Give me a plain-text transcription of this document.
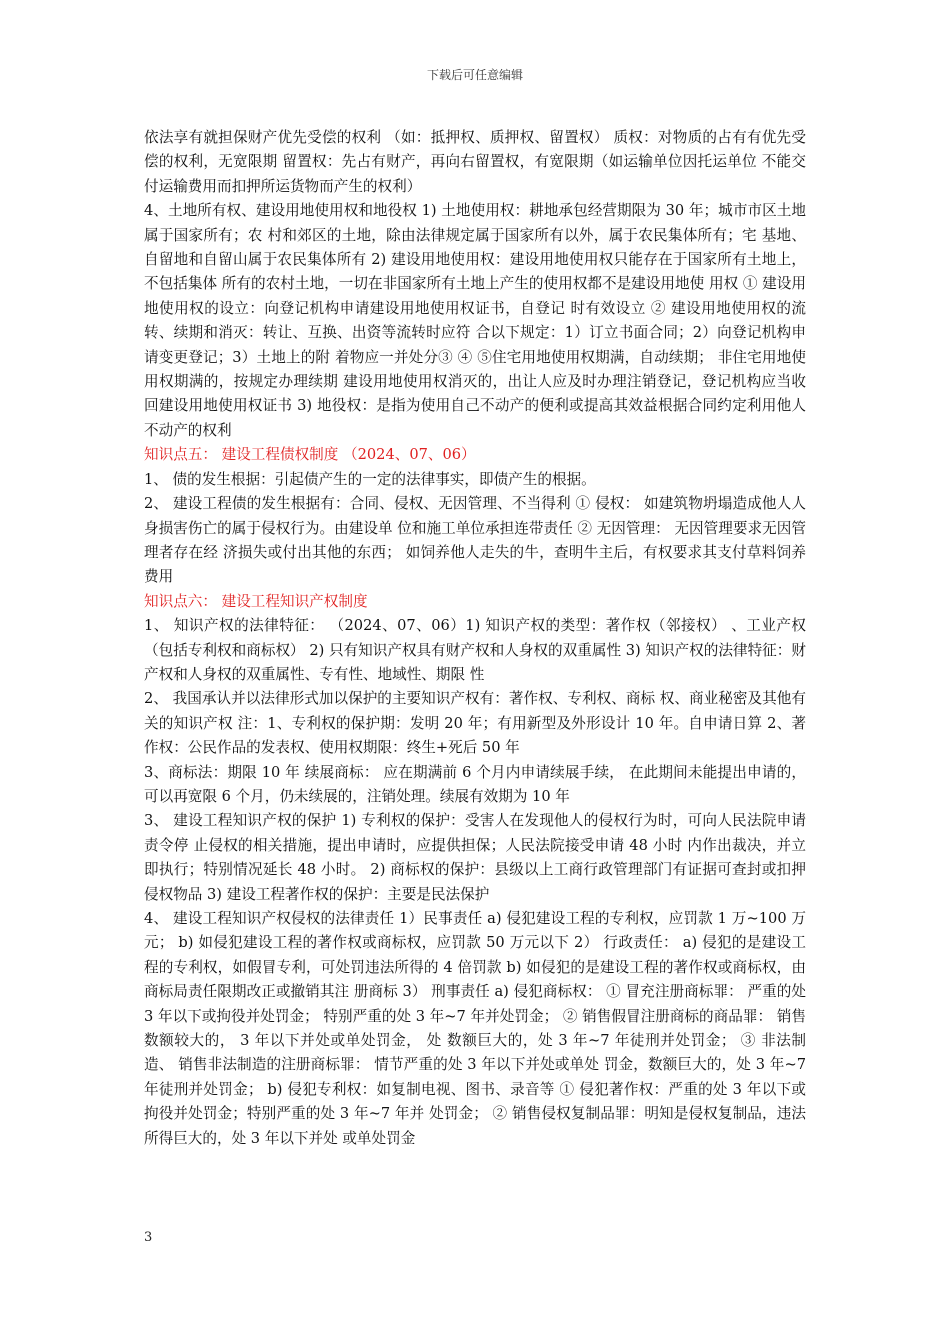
下载后可任意编辑

依法享有就担保财产优先受偿的权利 （如：抵押权、质押权、留置权） 质权：对物质的占有有优先受偿的权利，无宽限期 留置权：先占有财产，再向右留置权，有宽限期（如运输单位因托运单位 不能交付运输费用而扣押所运货物而产生的权利）

4、土地所有权、建设用地使用权和地役权 1) 土地使用权：耕地承包经营期限为 30 年；城市市区土地属于国家所有；农 村和郊区的土地，除由法律规定属于国家所有以外，属于农民集体所有；宅 基地、自留地和自留山属于农民集体所有 2) 建设用地使用权：建设用地使用权只能存在于国家所有土地上，不包括集体 所有的农村土地，一切在非国家所有土地上产生的使用权都不是建设用地使 用权 ① 建设用地使用权的设立：向登记机构申请建设用地使用权证书，自登记 时有效设立 ② 建设用地使用权的流转、续期和消灭：转让、互换、出资等流转时应符 合以下规定：1）订立书面合同；2）向登记机构申请变更登记；3）土地上的附 着物应一并处分③ ④ ⑤住宅用地使用权期满，自动续期； 非住宅用地使用权期满的，按规定办理续期 建设用地使用权消灭的，出让人应及时办理注销登记，登记机构应当收 回建设用地使用权证书 3) 地役权：是指为使用自己不动产的便利或提高其效益根据合同约定利用他人 不动产的权利

知识点五： 建设工程债权制度 （2024、07、06）

1、 债的发生根据：引起债产生的一定的法律事实，即债产生的根据。

2、 建设工程债的发生根据有：合同、侵权、无因管理、不当得利 ① 侵权： 如建筑物坍塌造成他人人身损害伤亡的属于侵权行为。由建设单 位和施工单位承担连带责任 ② 无因管理： 无因管理要求无因管理者存在经 济损失或付出其他的东西； 如饲养他人走失的牛，查明牛主后，有权要求其支付草料饲养费用

知识点六： 建设工程知识产权制度

1、 知识产权的法律特征： （2024、07、06）1) 知识产权的类型：著作权（邻接权） 、工业产权（包括专利权和商标权） 2) 只有知识产权具有财产权和人身权的双重属性 3) 知识产权的法律特征：财产权和人身权的双重属性、专有性、地域性、期限 性

2、 我国承认并以法律形式加以保护的主要知识产权有：著作权、专利权、商标 权、商业秘密及其他有关的知识产权 注：1、专利权的保护期：发明 20 年；有用新型及外形设计 10 年。自申请日算 2、著作权：公民作品的发表权、使用权期限：终生+死后 50 年

3、商标法：期限 10 年 续展商标： 应在期满前 6 个月内申请续展手续， 在此期间未能提出申请的， 可以再宽限 6 个月，仍未续展的，注销处理。续展有效期为 10 年

3、 建设工程知识产权的保护 1) 专利权的保护：受害人在发现他人的侵权行为时，可向人民法院申请责令停 止侵权的相关措施，提出申请时，应提供担保；人民法院接受申请 48 小时 内作出裁决，并立即执行；特别情况延长 48 小时。 2) 商标权的保护：县级以上工商行政管理部门有证据可查封或扣押侵权物品 3) 建设工程著作权的保护：主要是民法保护

4、 建设工程知识产权侵权的法律责任 1）民事责任 a) 侵犯建设工程的专利权，应罚款 1 万~100 万元； b) 如侵犯建设工程的著作权或商标权，应罚款 50 万元以下 2） 行政责任： a) 侵犯的是建设工程的专利权，如假冒专利，可处罚违法所得的 4 倍罚款 b) 如侵犯的是建设工程的著作权或商标权，由商标局责任限期改正或撤销其注 册商标 3） 刑事责任 a) 侵犯商标权： ① 冒充注册商标罪： 严重的处 3 年以下或拘役并处罚金； 特别严重的处 3 年~7 年并处罚金； ② 销售假冒注册商标的商品罪： 销售数额较大的， 3 年以下并处或单处罚金， 处 数额巨大的，处 3 年~7 年徒刑并处罚金； ③ 非法制造、 销售非法制造的注册商标罪： 情节严重的处 3 年以下并处或单处 罚金，数额巨大的，处 3 年~7 年徒刑并处罚金； b) 侵犯专利权：如复制电视、图书、录音等 ① 侵犯著作权：严重的处 3 年以下或拘役并处罚金；特别严重的处 3 年~7 年并 处罚金； ② 销售侵权复制品罪：明知是侵权复制品，违法所得巨大的，处 3 年以下并处 或单处罚金

3
